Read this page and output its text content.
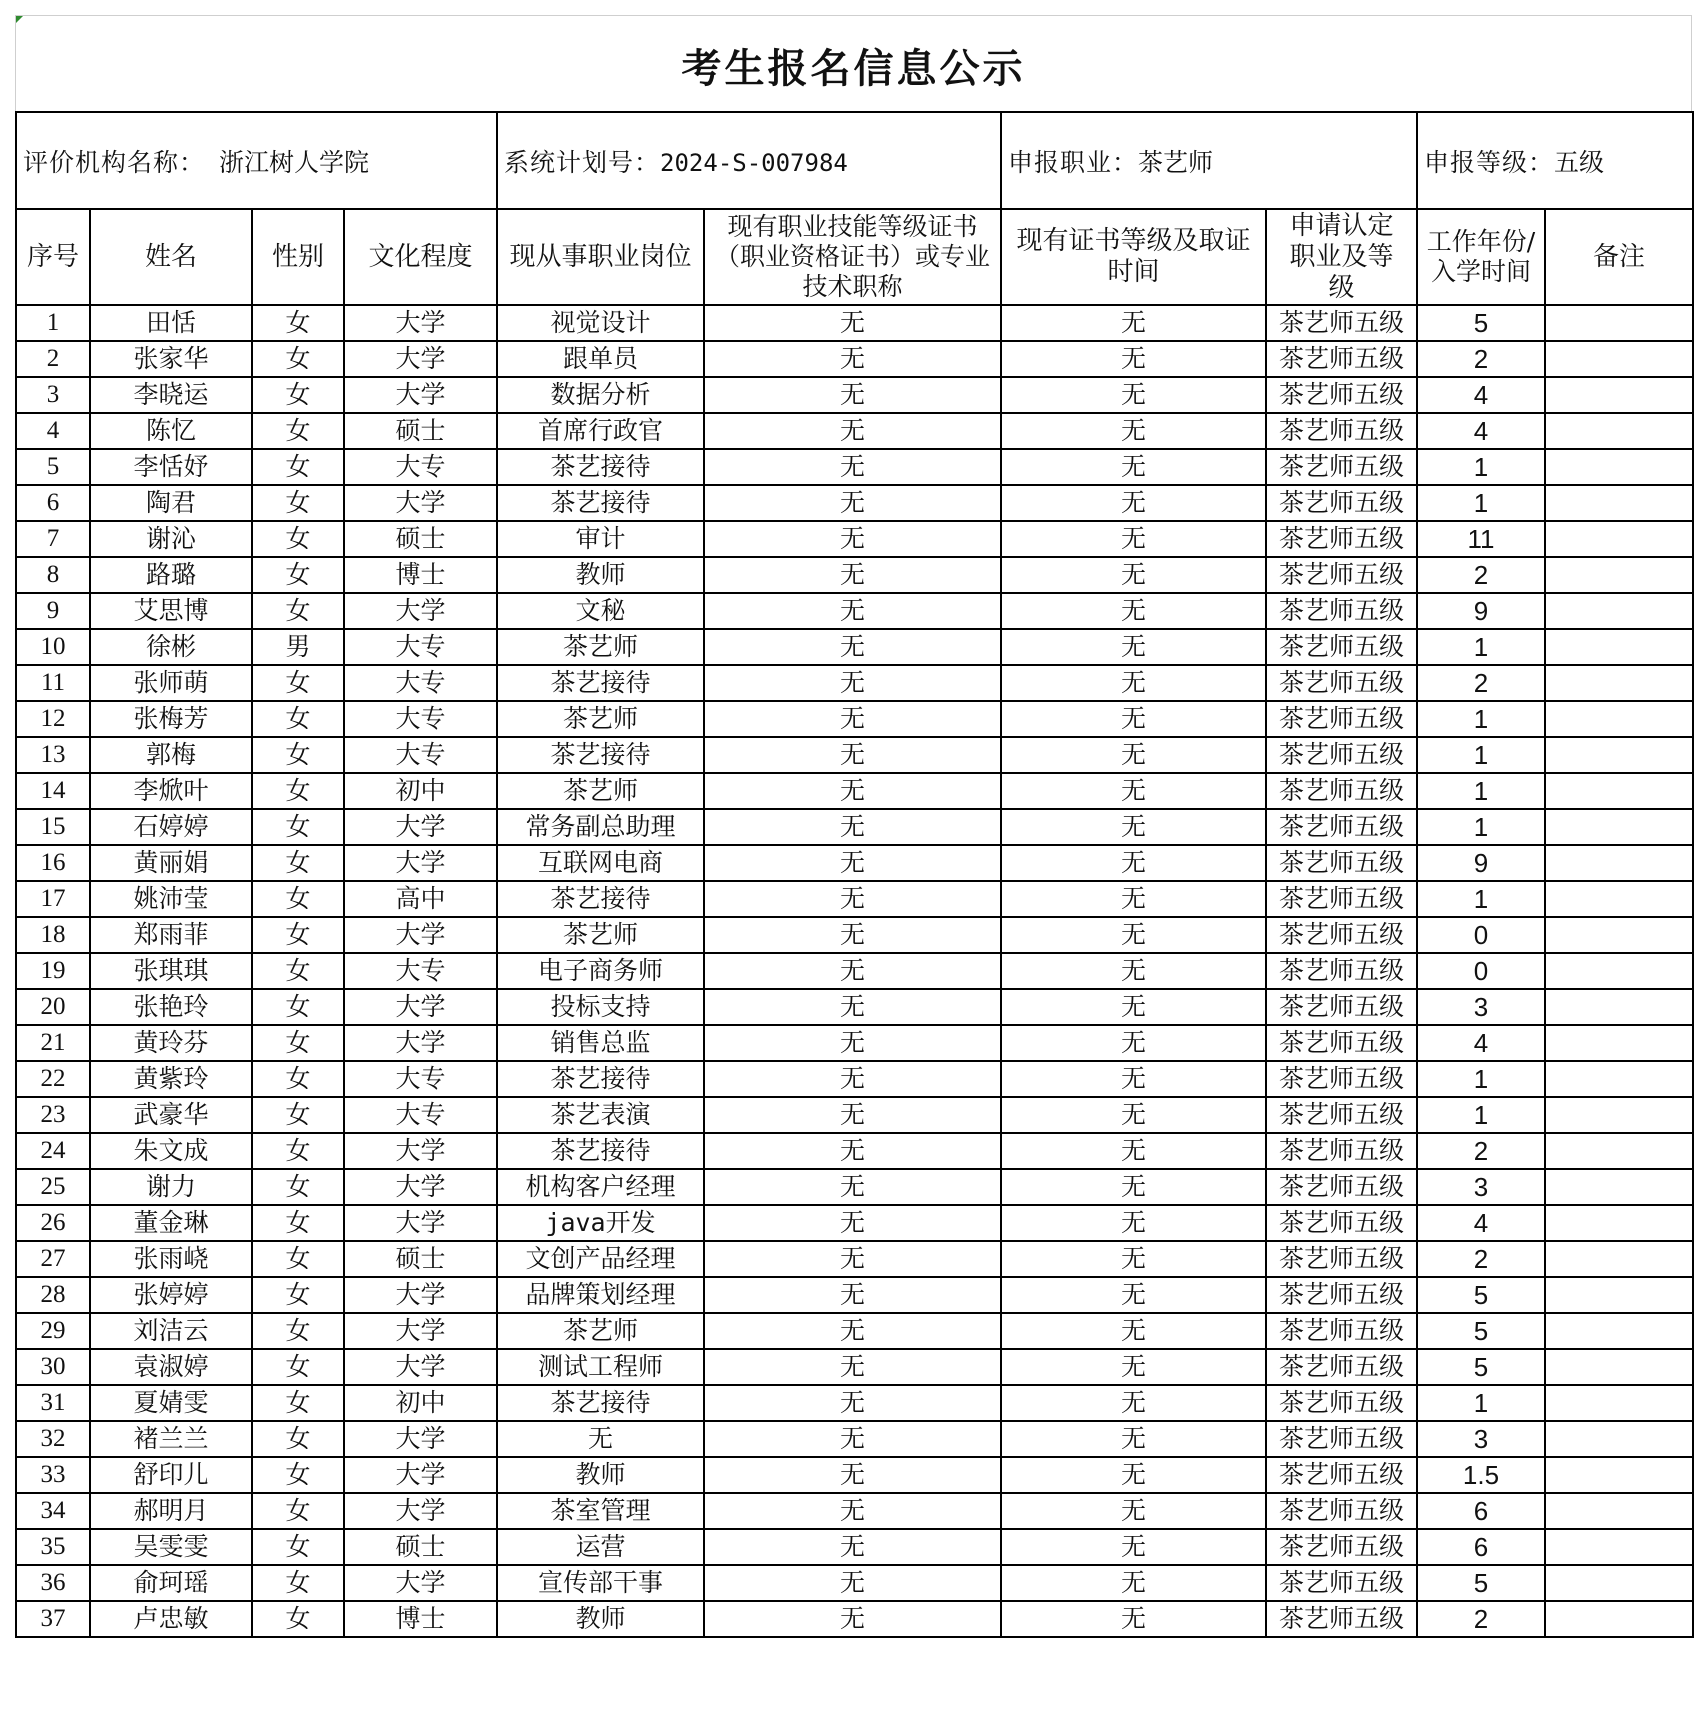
考生报名信息公示
评价机构名称： 浙江树人学院	系统计划号：2024-S-007984	申报职业：茶艺师	申报等级：五级
序号	姓名	性别	文化程度	现从事职业岗位	现有职业技能等级证书（职业资格证书）或专业技术职称	现有证书等级及取证时间	申请认定职业及等级	工作年份/入学时间	备注
1	田恬	女	大学	视觉设计	无	无	茶艺师五级	5	
2	张家华	女	大学	跟单员	无	无	茶艺师五级	2	
3	李晓运	女	大学	数据分析	无	无	茶艺师五级	4	
4	陈忆	女	硕士	首席行政官	无	无	茶艺师五级	4	
5	李恬妤	女	大专	茶艺接待	无	无	茶艺师五级	1	
6	陶君	女	大学	茶艺接待	无	无	茶艺师五级	1	
7	谢沁	女	硕士	审计	无	无	茶艺师五级	11	
8	路璐	女	博士	教师	无	无	茶艺师五级	2	
9	艾思博	女	大学	文秘	无	无	茶艺师五级	9	
10	徐彬	男	大专	茶艺师	无	无	茶艺师五级	1	
11	张师萌	女	大专	茶艺接待	无	无	茶艺师五级	2	
12	张梅芳	女	大专	茶艺师	无	无	茶艺师五级	1	
13	郭梅	女	大专	茶艺接待	无	无	茶艺师五级	1	
14	李焮叶	女	初中	茶艺师	无	无	茶艺师五级	1	
15	石婷婷	女	大学	常务副总助理	无	无	茶艺师五级	1	
16	黄丽娟	女	大学	互联网电商	无	无	茶艺师五级	9	
17	姚沛莹	女	高中	茶艺接待	无	无	茶艺师五级	1	
18	郑雨菲	女	大学	茶艺师	无	无	茶艺师五级	0	
19	张琪琪	女	大专	电子商务师	无	无	茶艺师五级	0	
20	张艳玲	女	大学	投标支持	无	无	茶艺师五级	3	
21	黄玲芬	女	大学	销售总监	无	无	茶艺师五级	4	
22	黄紫玲	女	大专	茶艺接待	无	无	茶艺师五级	1	
23	武豪华	女	大专	茶艺表演	无	无	茶艺师五级	1	
24	朱文成	女	大学	茶艺接待	无	无	茶艺师五级	2	
25	谢力	女	大学	机构客户经理	无	无	茶艺师五级	3	
26	董金琳	女	大学	java开发	无	无	茶艺师五级	4	
27	张雨峣	女	硕士	文创产品经理	无	无	茶艺师五级	2	
28	张婷婷	女	大学	品牌策划经理	无	无	茶艺师五级	5	
29	刘洁云	女	大学	茶艺师	无	无	茶艺师五级	5	
30	袁淑婷	女	大学	测试工程师	无	无	茶艺师五级	5	
31	夏婧雯	女	初中	茶艺接待	无	无	茶艺师五级	1	
32	褚兰兰	女	大学	无	无	无	茶艺师五级	3	
33	舒印儿	女	大学	教师	无	无	茶艺师五级	1.5	
34	郝明月	女	大学	茶室管理	无	无	茶艺师五级	6	
35	吴雯雯	女	硕士	运营	无	无	茶艺师五级	6	
36	俞珂瑶	女	大学	宣传部干事	无	无	茶艺师五级	5	
37	卢忠敏	女	博士	教师	无	无	茶艺师五级	2	
